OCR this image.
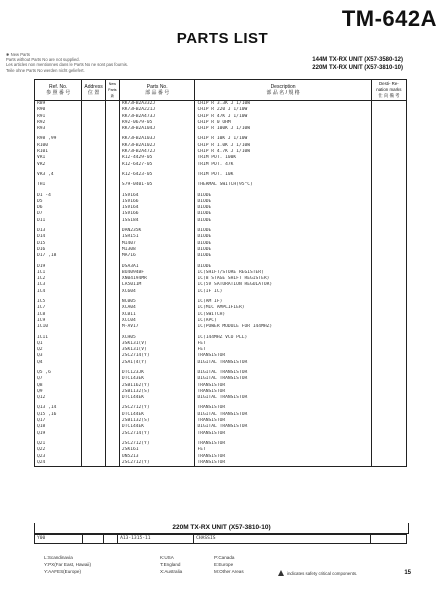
TM-642A
PARTS LIST
✱ New Parts
Parts without Parts No are not supplied.
Les articles non mentionnes dans le Parts No ne sont pas fournis.
Teile ohne Parts No werden nicht geliefert.
144M TX-RX UNIT (X57-3580-12)
220M TX-RX UNIT (X57-3810-10)
Ref. No.
参 照 番 号	Address
位 置	New Parts
新	Parts No.
部 品 番 号	Description
部 品 名 / 規 格	Desti- Re- nation marks
仕 向 備 考
R89			RK73FB2A332J	CHIP R 3.3K J 1/10W	
R90			RK73FB2A221J	CHIP R 220 J 1/10W	
R91			RK73FB2A473J	CHIP R 47K J 1/10W	
R92			R92-0679-05	CHIP R 0 OHM	
R93			RK73FB2A104J	CHIP R 100K J 1/10W	

R98 ,99			RK73FB2A103J	CHIP R 10K J 1/10W	
R100			RK73FB2A102J	CHIP R 1.0K J 1/10W	
R101			RK73FB2A472J	CHIP R 4.7K J 1/10W	
VR1			R12-4429-05	TRIM POT. 100K	
VR2			R12-6427-05	TRIM POT. 47K	

VR3 ,4			R12-6423-05	TRIM POT. 10K	

TH1			S79-0401-05	THERMAL SWITCH(95°C)	

D1 -4			1SV164	DIODE	
D5			1SV166	DIODE	
D6			1SV164	DIODE	
D7			1SV166	DIODE	
D11			1SS184	DIODE	

D13			DAN235K	DIODE	
D14			1SR151	DIODE	
D15			MI407	DIODE	
D16			MI308	DIODE	
D17 ,18			MA716	DIODE	

D19			DSA3A1	DIODE	
IC1			BU4094BF	IC(SHIFT/STORE REGISTER)	
IC2			XN04194MR	IC(8 STAGE SHIFT REGISTER)	
IC3			LA5011M	IC(5V SATURATION REGULATOR)	
IC4			XC604	IC(IF IC)	

IC5			NC005	IC(AM IF)	
IC7			XCA04	IC(MIC AMPLIFIER)	
IC8			XCB11	IC(SWITCH)	
IC9			XCC04	IC(APC)	
IC10			M-AV17	IC(POWER MODULE FOR 144MHZ)	

IC11			XCH05	IC(144MHZ VCO PLL)	
Q1			3SK131(V)	FET	
Q2			3SK131(V)	FET	
Q3			2SC2714(Y)	TRANSISTOR	
Q4			2SA1(4(Y)	DIGITAL TRANSISTOR	

Q5 ,6			DTC123JK	DIGITAL TRANSISTOR	
Q7			DTC143EK	DIGITAL TRANSISTOR	
Q8			2SB1162(Y)	TRANSISTOR	
Q9			2SB1132(S)	TRANSISTOR	
Q12			DTC144EK	DIGITAL TRANSISTOR	

Q13 ,14			2SC2712(Y)	TRANSISTOR	
Q15 ,16			DTC144EK	DIGITAL TRANSISTOR	
Q17			2SB1132(S)	TRANSISTOR	
Q18			DTC144EK	DIGITAL TRANSISTOR	
Q19			2SC2714(Y)	TRANSISTOR	

Q21			2SC2712(Y)	TRANSISTOR	
Q22			2SK161	FET	
Q23			UN5213	TRANSISTOR	
Q24			2SC2712(Y)	TRANSISTOR	
220M TX-RX UNIT (X57-3810-10)
Y00			A13-1315-11	CHASSIS	
L:Scandinavia
Y:PX(Far East, Hawaii)
Y:AAFES(Europe)
K:USA
T:England
X:Australia
P:Canada
E:Europe
M:Other Areas	indicates safety critical components.	15
